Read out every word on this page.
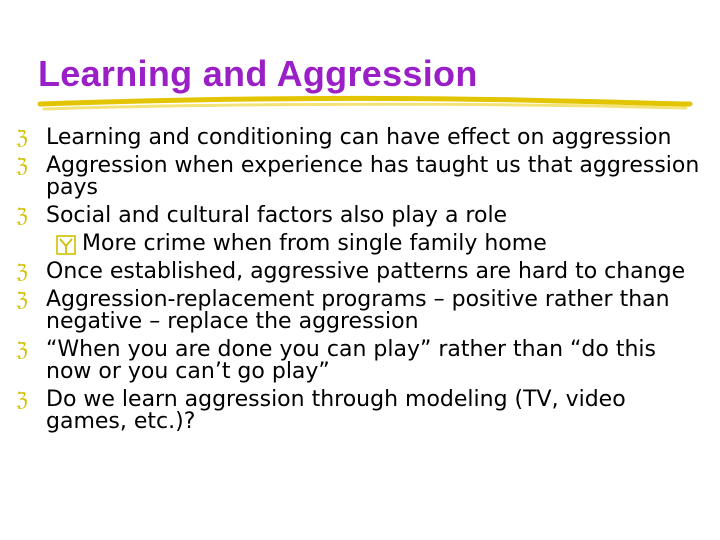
Learning and Aggression
ℨ Learning and conditioning can have effect on aggression
ℨ Aggression when experience has taught us that aggression pays
ℨ Social and cultural factors also play a role
More crime when from single family home
ℨ Once established, aggressive patterns are hard to change
ℨ Aggression-replacement programs – positive rather than negative – replace the aggression
ℨ “When you are done you can play” rather than “do this now or you can’t go play”
ℨ Do we learn aggression through modeling (TV, video games, etc.)?
